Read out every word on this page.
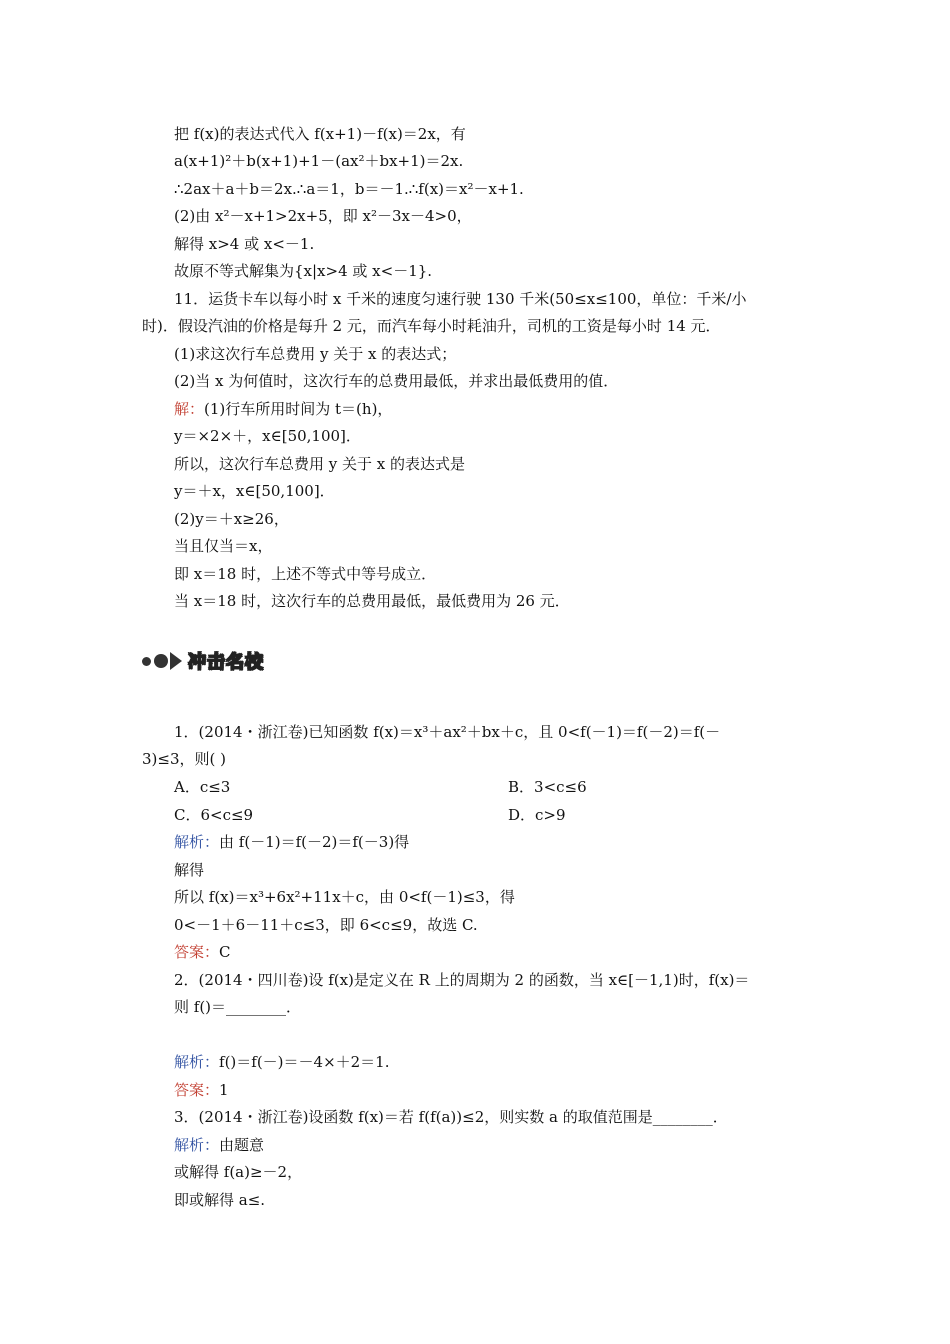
把 f(x)的表达式代入 f(x+1)－f(x)＝2x，有
a(x+1)²＋b(x+1)+1－(ax²＋bx+1)＝2x.
∴2ax＋a＋b＝2x.∴a＝1，b＝－1.∴f(x)＝x²－x+1.
(2)由 x²－x+1>2x+5，即 x²－3x－4>0，
解得 x>4 或 x<－1.
故原不等式解集为{x|x>4 或 x<－1}.
11．运货卡车以每小时 x 千米的速度匀速行驶 130 千米(50≤x≤100，单位：千米/小
时)．假设汽油的价格是每升 2 元，而汽车每小时耗油升，司机的工资是每小时 14 元．
(1)求这次行车总费用 y 关于 x 的表达式；
(2)当 x 为何值时，这次行车的总费用最低，并求出最低费用的值．
解：(1)行车所用时间为 t＝(h)，
y＝×2×＋，x∈[50,100]．
所以，这次行车总费用 y 关于 x 的表达式是
y＝＋x，x∈[50,100]．
(2)y＝＋x≥26，
当且仅当＝x，
即 x＝18 时，上述不等式中等号成立．
当 x＝18 时，这次行车的总费用最低，最低费用为 26 元．
冲击名校
1．(2014・浙江卷)已知函数 f(x)＝x³＋ax²＋bx＋c，且 0<f(－1)＝f(－2)＝f(－
3)≤3，则( )
A．c≤3	B．3<c≤6
C．6<c≤9	D．c>9
解析：由 f(－1)＝f(－2)＝f(－3)得
解得
所以 f(x)＝x³+6x²+11x＋c，由 0<f(－1)≤3，得
0<－1＋6－11＋c≤3，即 6<c≤9，故选 C.
答案：C
2．(2014・四川卷)设 f(x)是定义在 R 上的周期为 2 的函数，当 x∈[－1,1)时，f(x)＝
则 f()＝________．
解析：f()＝f(－)＝－4×＋2＝1.
答案：1
3．(2014・浙江卷)设函数 f(x)＝若 f(f(a))≤2，则实数 a 的取值范围是________．
解析：由题意
或解得 f(a)≥－2，
即或解得 a≤.
